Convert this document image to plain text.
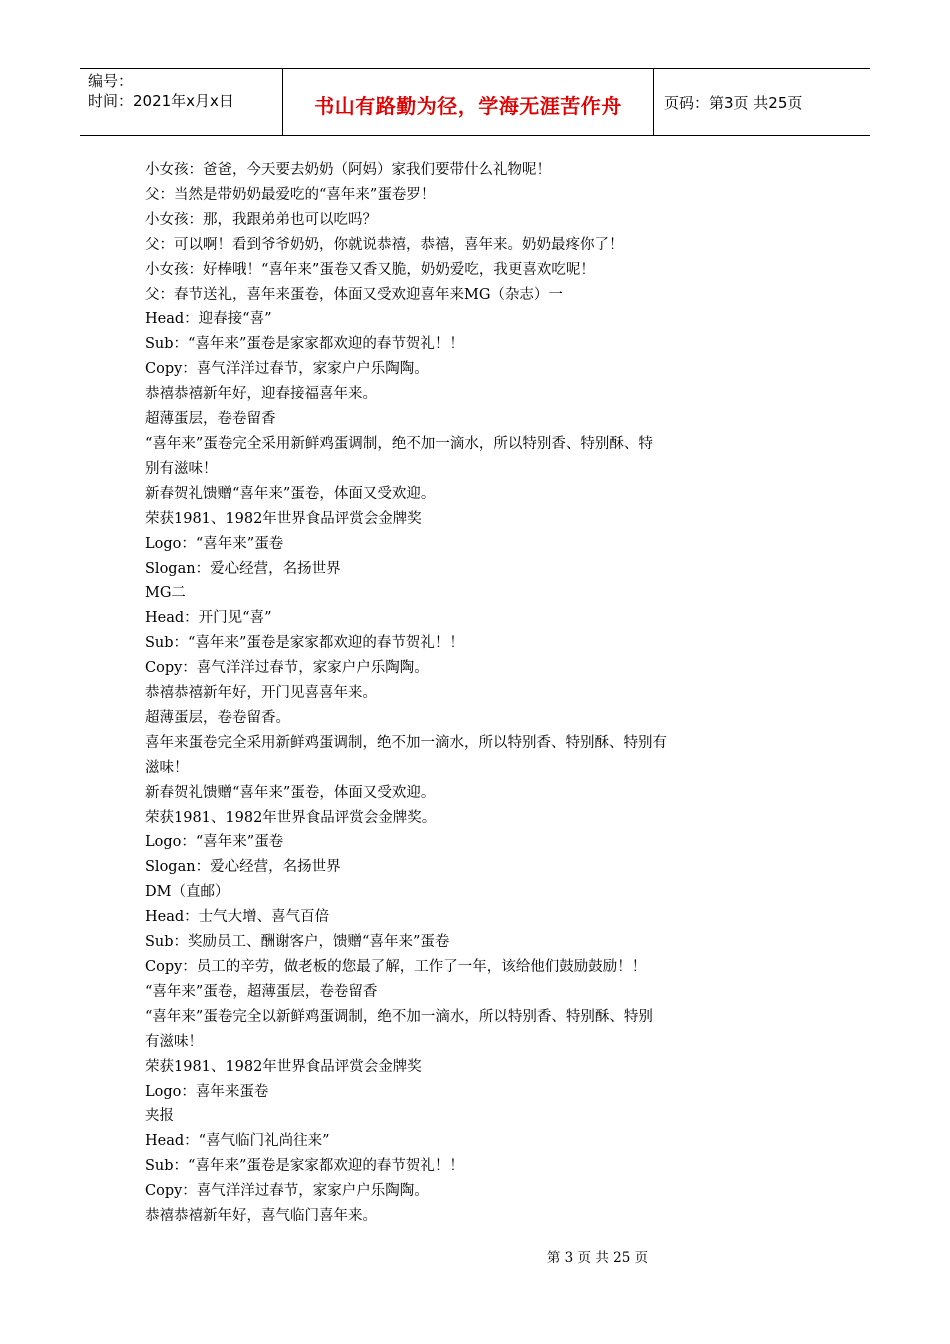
编号：
时间：2021年x月x日	书山有路勤为径，学海无涯苦作舟	页码：第3页 共25页
小女孩：爸爸，今天要去奶奶（阿妈）家我们要带什么礼物呢！
父：当然是带奶奶最爱吃的“喜年来”蛋卷罗！
小女孩：那，我跟弟弟也可以吃吗？
父：可以啊！看到爷爷奶奶，你就说恭禧，恭禧，喜年来。奶奶最疼你了！
小女孩：好棒哦！“喜年来”蛋卷又香又脆，奶奶爱吃，我更喜欢吃呢！
父：春节送礼，喜年来蛋卷，体面又受欢迎喜年来MG（杂志）一
Head：迎春接“喜”
Sub：“喜年来”蛋卷是家家都欢迎的春节贺礼！！
Copy：喜气洋洋过春节，家家户户乐陶陶。
恭禧恭禧新年好，迎春接福喜年来。
超薄蛋层，卷卷留香
“喜年来”蛋卷完全采用新鲜鸡蛋调制，绝不加一滴水，所以特别香、特别酥、特
别有滋味！
新春贺礼馈赠“喜年来”蛋卷，体面又受欢迎。
荣获1981、1982年世界食品评赏会金牌奖
Logo：“喜年来”蛋卷
Slogan：爱心经营，名扬世界
MG二
Head：开门见“喜”
Sub：“喜年来”蛋卷是家家都欢迎的春节贺礼！！
Copy：喜气洋洋过春节，家家户户乐陶陶。
恭禧恭禧新年好，开门见喜喜年来。
超薄蛋层，卷卷留香。
喜年来蛋卷完全采用新鲜鸡蛋调制，绝不加一滴水，所以特别香、特别酥、特别有
滋味！
新春贺礼馈赠“喜年来”蛋卷，体面又受欢迎。
荣获1981、1982年世界食品评赏会金牌奖。
Logo：“喜年来”蛋卷
Slogan：爱心经营，名扬世界
DM（直邮）
Head：士气大增、喜气百倍
Sub：奖励员工、酬谢客户，馈赠“喜年来”蛋卷
Copy：员工的辛劳，做老板的您最了解，工作了一年，该给他们鼓励鼓励！！
“喜年来”蛋卷，超薄蛋层，卷卷留香
“喜年来”蛋卷完全以新鲜鸡蛋调制，绝不加一滴水，所以特别香、特别酥、特别
有滋味！
荣获1981、1982年世界食品评赏会金牌奖
Logo：喜年来蛋卷
夹报
Head：“喜气临门礼尚往来”
Sub：“喜年来”蛋卷是家家都欢迎的春节贺礼！！
Copy：喜气洋洋过春节，家家户户乐陶陶。
恭禧恭禧新年好，喜气临门喜年来。
第 3 页 共 25 页
